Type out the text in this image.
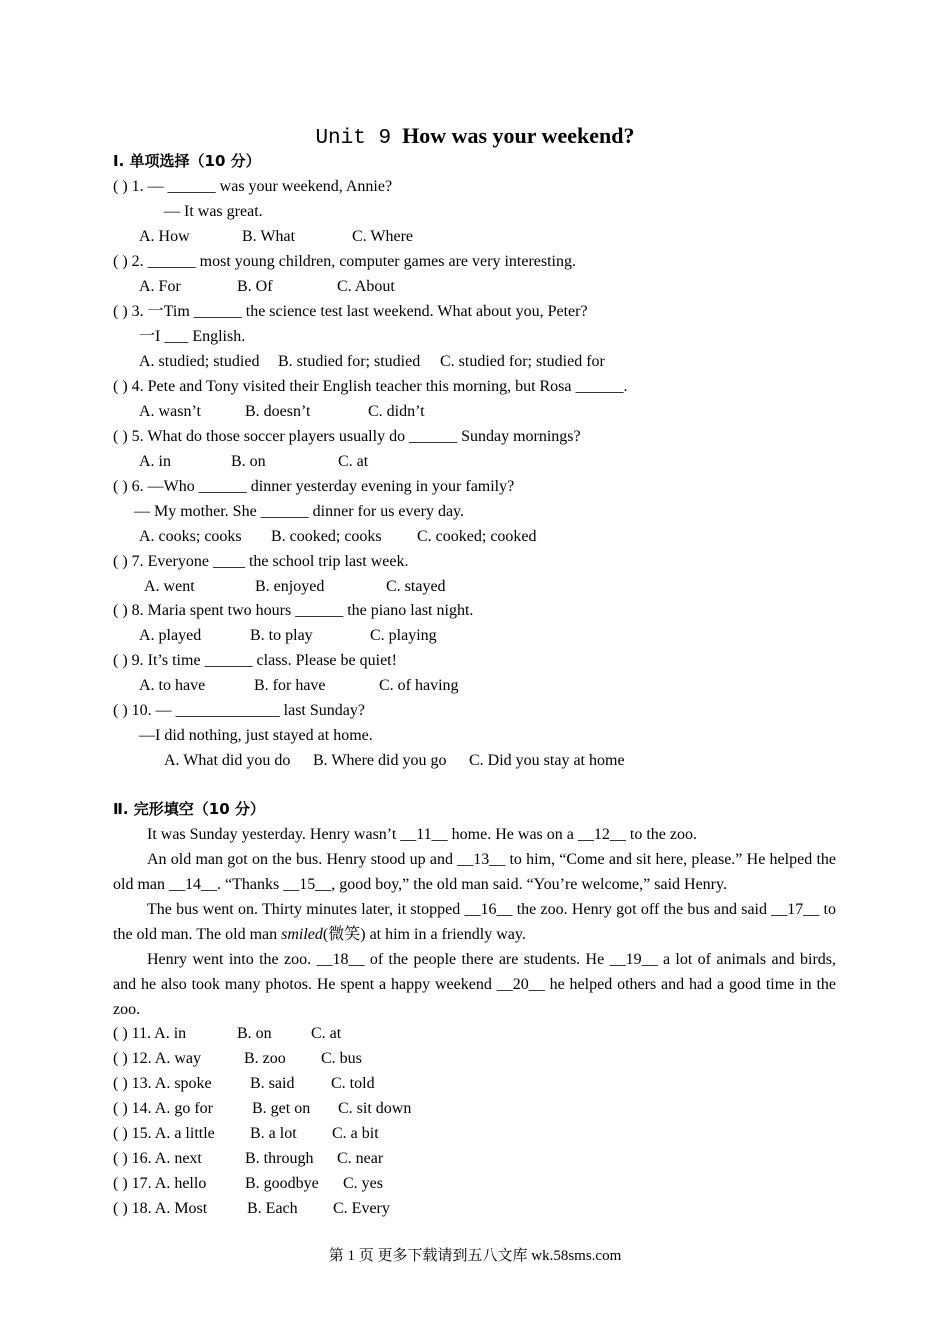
Unit 9 How was your weekend?
Ⅰ. 单项选择（10 分）
( ) 1. — ______ was your weekend, Annie?
— It was great.
A. How	B. What	C. Where
( ) 2. ______ most young children, computer games are very interesting.
A. For	B. Of	C. About
( ) 3. 一Tim ______ the science test last weekend. What about you, Peter?
一I ___ English.
A. studied; studied B. studied for; studied C. studied for; studied for
( ) 4. Pete and Tony visited their English teacher this morning, but Rosa ______.
A. wasn’t	B. doesn’t	C. didn’t
( ) 5. What do those soccer players usually do ______ Sunday mornings?
A. in	B. on	C. at
( ) 6. —Who ______ dinner yesterday evening in your family?
— My mother. She ______ dinner for us every day.
A. cooks; cooks B. cooked; cooks C. cooked; cooked
( ) 7. Everyone ____ the school trip last week.
A. went	B. enjoyed	C. stayed
( ) 8. Maria spent two hours ______ the piano last night.
A. played	B. to play	C. playing
( ) 9. It’s time ______ class. Please be quiet!
A. to have	B. for have	C. of having
( ) 10. — _____________ last Sunday?
—I did nothing, just stayed at home.
A. What did you do B. Where did you go C. Did you stay at home
Ⅱ. 完形填空（10 分）
It was Sunday yesterday. Henry wasn’t __11__ home. He was on a __12__ to the zoo.
An old man got on the bus. Henry stood up and __13__ to him, “Come and sit here, please.” He helped the old man __14__. “Thanks __15__, good boy,” the old man said. “You’re welcome,” said Henry.
The bus went on. Thirty minutes later, it stopped __16__ the zoo. Henry got off the bus and said __17__ to the old man. The old man smiled(微笑) at him in a friendly way.
Henry went into the zoo. __18__ of the people there are students. He __19__ a lot of animals and birds, and he also took many photos. He spent a happy weekend __20__ he helped others and had a good time in the zoo.
( ) 11. A. in	B. on C. at
( ) 12. A. way	B. zoo C. bus
( ) 13. A. spoke B. said C. told
( ) 14. A. go for B. get on C. sit down
( ) 15. A. a little B. a lot C. a bit
( ) 16. A. next	B. through C. near
( ) 17. A. hello B. goodbye C. yes
( ) 18. A. Most B. Each C. Every
第 1 页 更多下载请到五八文库 wk.58sms.com
